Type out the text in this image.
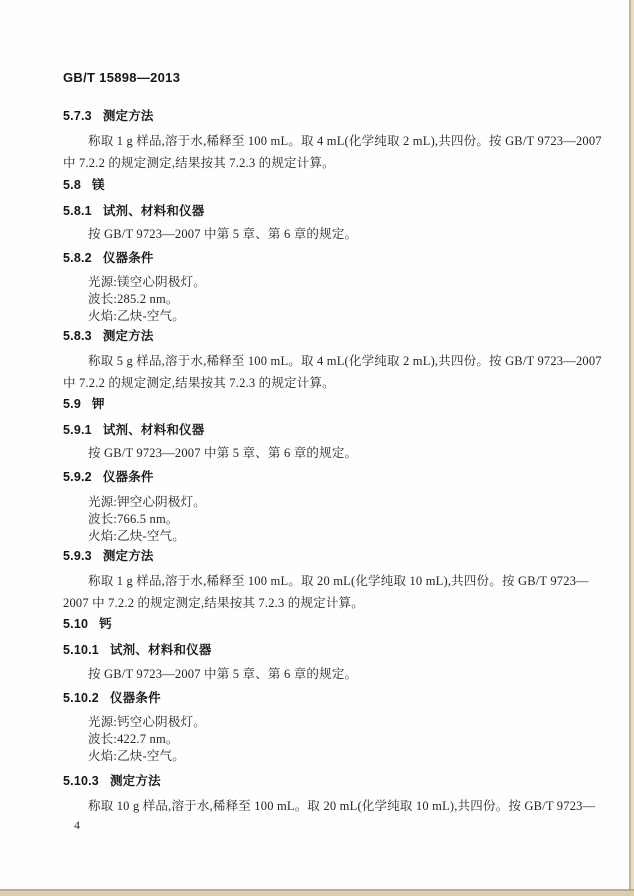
GB/T 15898—2013
5.7.3 测定方法
称取 1 g 样品,溶于水,稀释至 100 mL。取 4 mL(化学纯取 2 mL),共四份。按 GB/T 9723—2007
中 7.2.2 的规定测定,结果按其 7.2.3 的规定计算。
5.8 镁
5.8.1 试剂、材料和仪器
按 GB/T 9723—2007 中第 5 章、第 6 章的规定。
5.8.2 仪器条件
光源:镁空心阴极灯。
波长:285.2 nm。
火焰:乙炔-空气。
5.8.3 测定方法
称取 5 g 样品,溶于水,稀释至 100 mL。取 4 mL(化学纯取 2 mL),共四份。按 GB/T 9723—2007
中 7.2.2 的规定测定,结果按其 7.2.3 的规定计算。
5.9 钾
5.9.1 试剂、材料和仪器
按 GB/T 9723—2007 中第 5 章、第 6 章的规定。
5.9.2 仪器条件
光源:钾空心阴极灯。
波长:766.5 nm。
火焰:乙炔-空气。
5.9.3 测定方法
称取 1 g 样品,溶于水,稀释至 100 mL。取 20 mL(化学纯取 10 mL),共四份。按 GB/T 9723—
2007 中 7.2.2 的规定测定,结果按其 7.2.3 的规定计算。
5.10 钙
5.10.1 试剂、材料和仪器
按 GB/T 9723—2007 中第 5 章、第 6 章的规定。
5.10.2 仪器条件
光源:钙空心阴极灯。
波长:422.7 nm。
火焰:乙炔-空气。
5.10.3 测定方法
称取 10 g 样品,溶于水,稀释至 100 mL。取 20 mL(化学纯取 10 mL),共四份。按 GB/T 9723—
4
